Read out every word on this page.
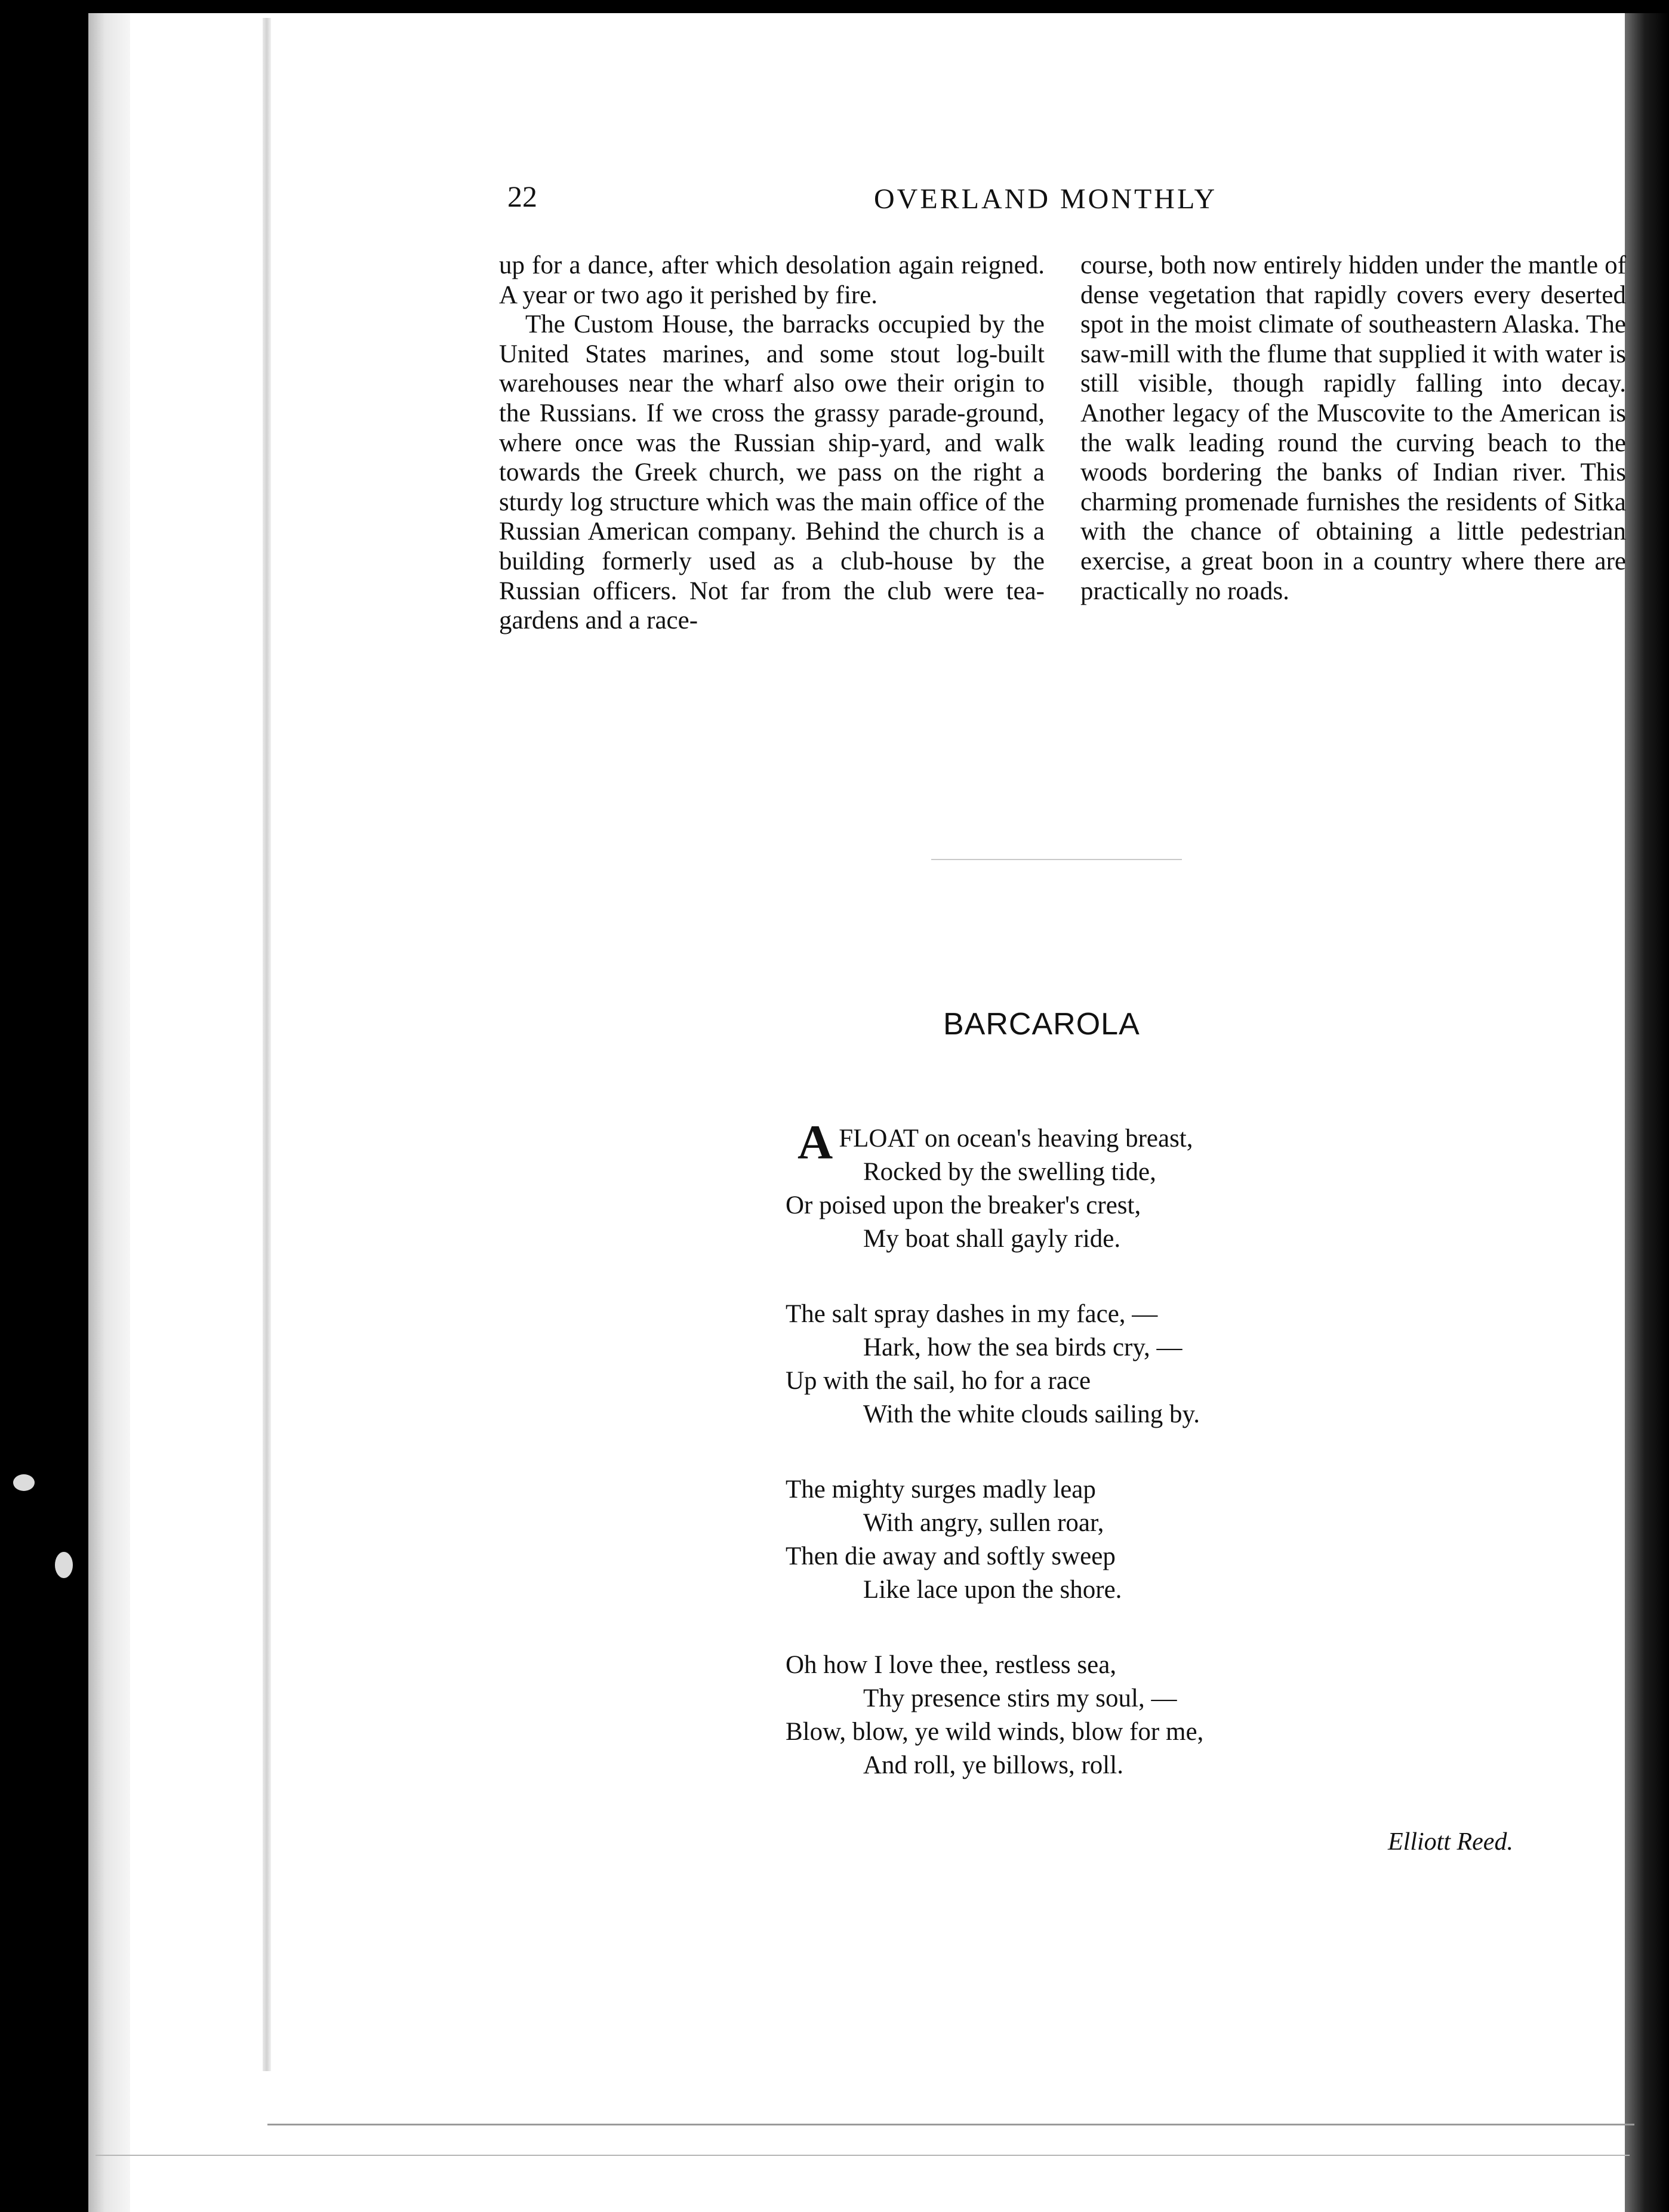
22	OVERLAND MONTHLY

up for a dance, after which desolation again reigned. A year or two ago it perished by fire.

The Custom House, the barracks occupied by the United States marines, and some stout log-built warehouses near the wharf also owe their origin to the Russians. If we cross the grassy parade-ground, where once was the Russian ship-yard, and walk towards the Greek church, we pass on the right a sturdy log structure which was the main office of the Russian American company. Behind the church is a building formerly used as a club-house by the Russian officers. Not far from the club were tea-gardens and a race-

course, both now entirely hidden under the mantle of dense vegetation that rapidly covers every deserted spot in the moist climate of southeastern Alaska. The saw-mill with the flume that supplied it with water is still visible, though rapidly falling into decay. Another legacy of the Muscovite to the American is the walk leading round the curving beach to the woods bordering the banks of Indian river. This charming promenade furnishes the residents of Sitka with the chance of obtaining a little pedestrian exercise, a great boon in a country where there are practically no roads.

BARCAROLA
AFLOAT on ocean's heaving breast,
Rocked by the swelling tide,
Or poised upon the breaker's crest,
My boat shall gayly ride.
The salt spray dashes in my face, —
Hark, how the sea birds cry, —
Up with the sail, ho for a race
With the white clouds sailing by.
The mighty surges madly leap
With angry, sullen roar,
Then die away and softly sweep
Like lace upon the shore.
Oh how I love thee, restless sea,
Thy presence stirs my soul, —
Blow, blow, ye wild winds, blow for me,
And roll, ye billows, roll.
Elliott Reed.
